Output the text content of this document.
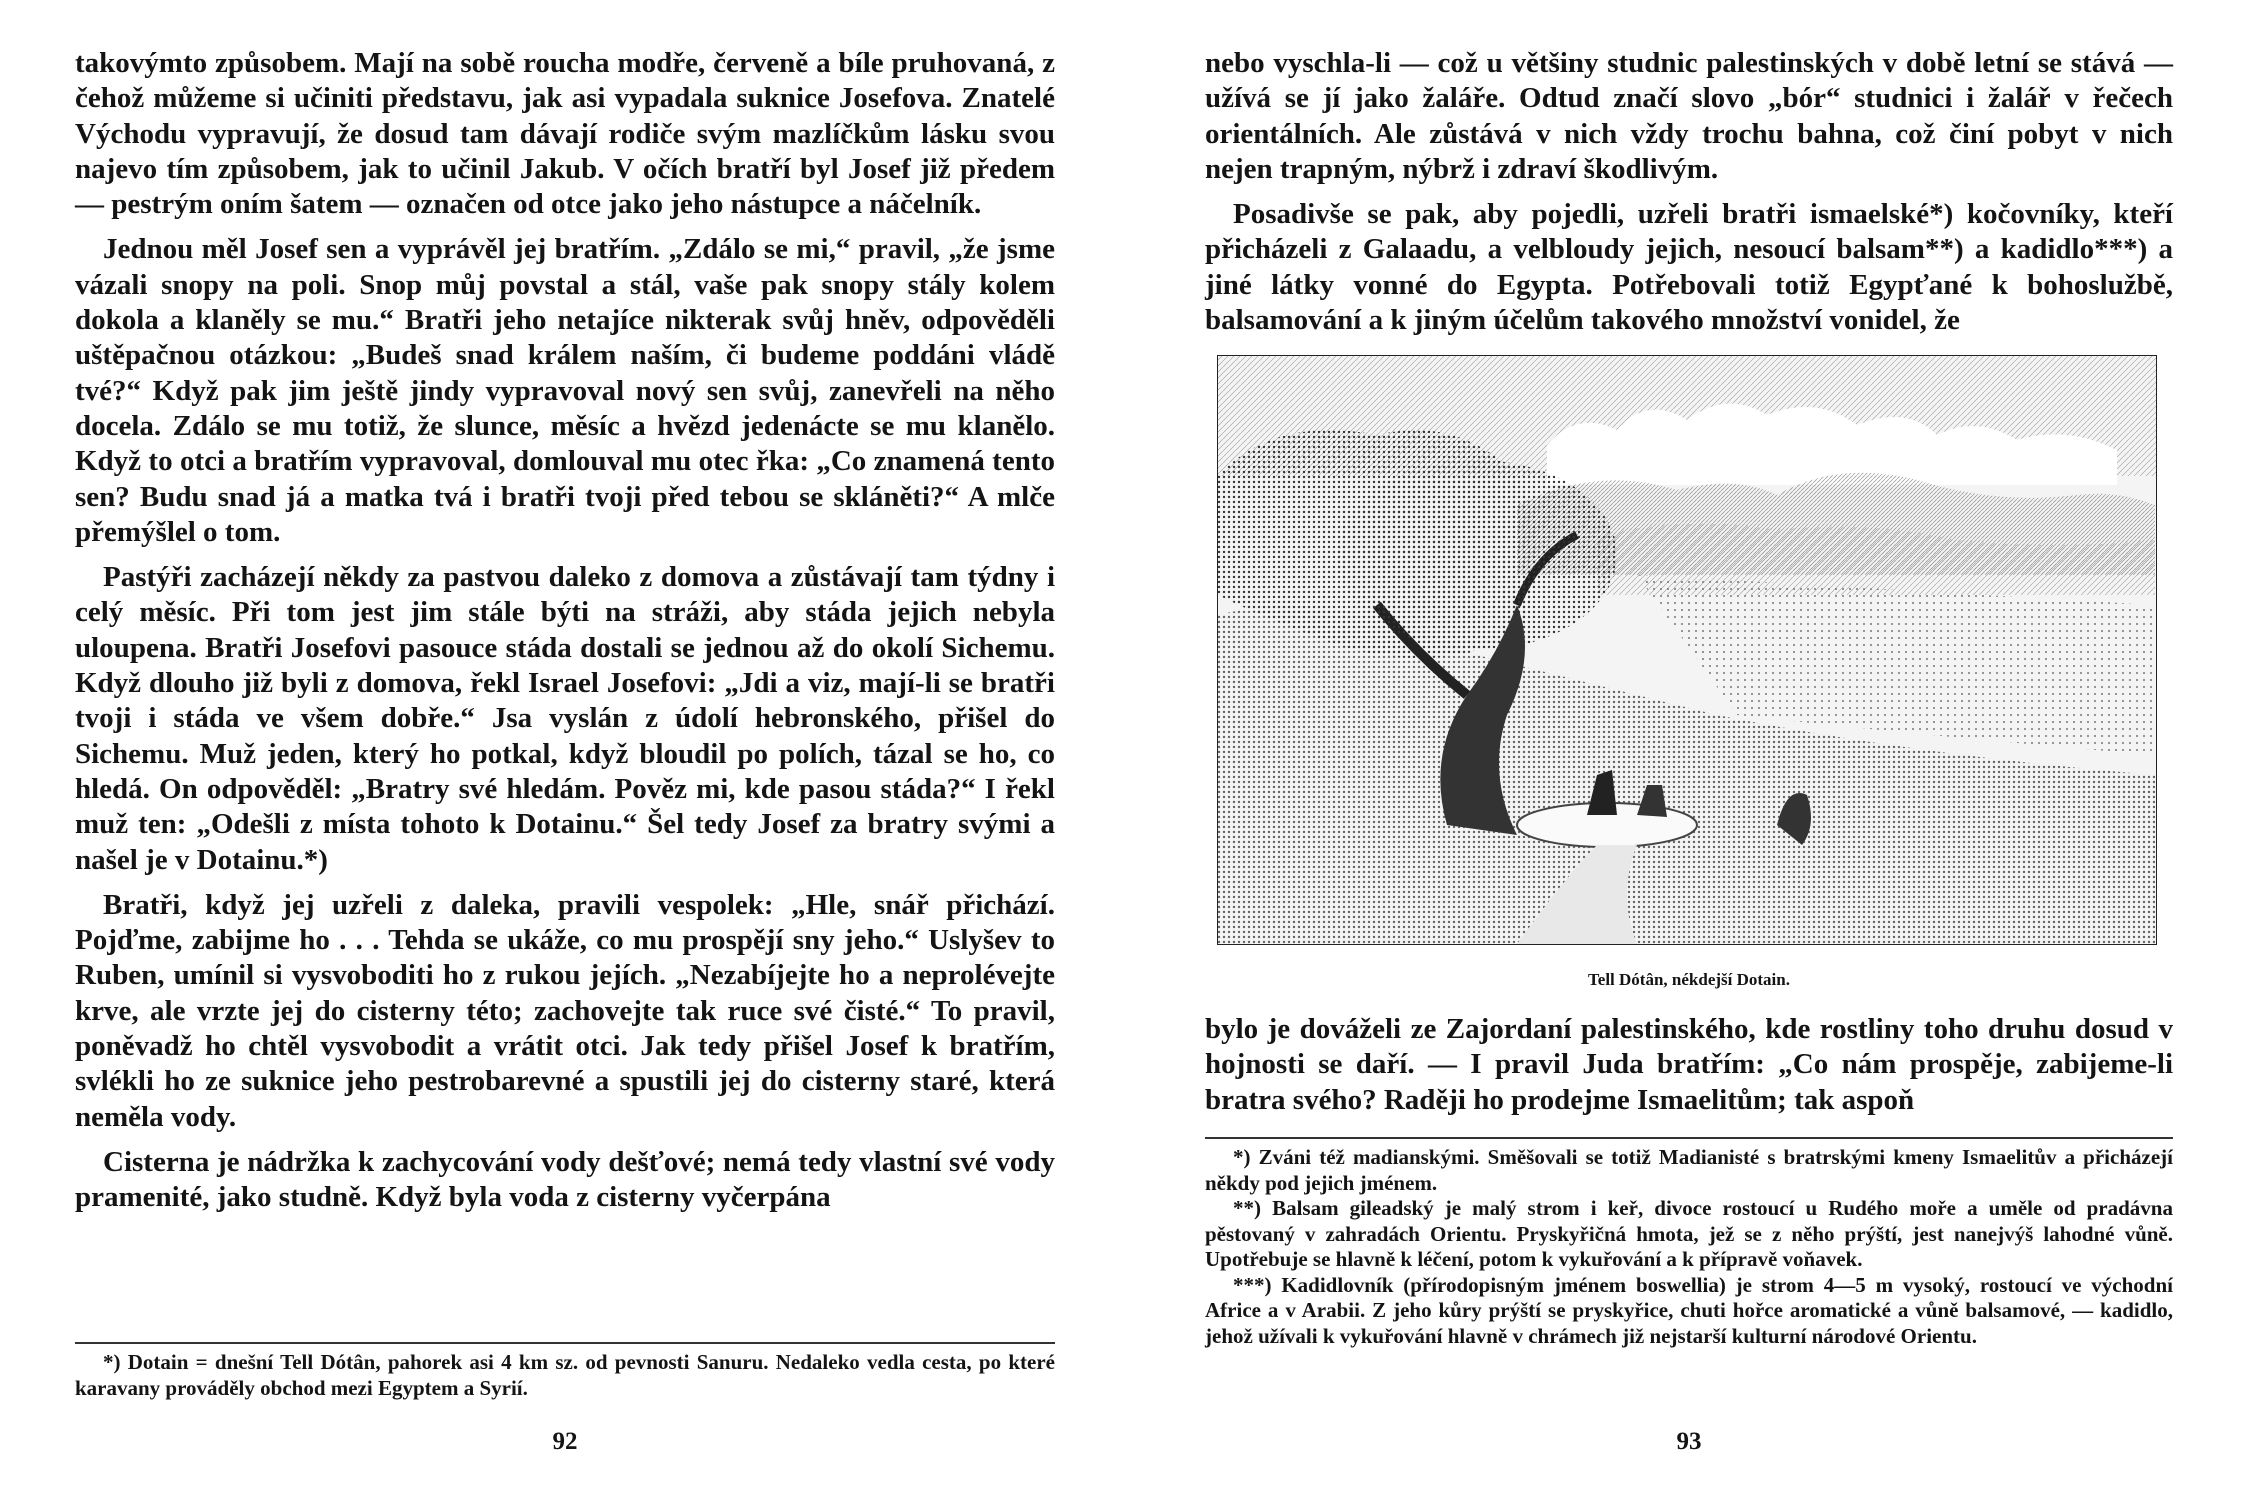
takovýmto způsobem. Mají na sobě roucha modře, červeně a bíle pruhovaná, z čehož můžeme si učiniti představu, jak asi vypadala suknice Josefova. Znatelé Východu vypravují, že dosud tam dávají rodiče svým mazlíčkům lásku svou najevo tím způsobem, jak to učinil Jakub. V očích bratří byl Josef již předem — pestrým oním šatem — označen od otce jako jeho nástupce a náčelník.

Jednou měl Josef sen a vyprávěl jej bratřím. „Zdálo se mi,“ pravil, „že jsme vázali snopy na poli. Snop můj povstal a stál, vaše pak snopy stály kolem dokola a klaněly se mu.“ Bratři jeho netajíce nikterak svůj hněv, odpověděli uštěpačnou otázkou: „Budeš snad králem naším, či budeme poddáni vládě tvé?“ Když pak jim ještě jindy vypravoval nový sen svůj, zanevřeli na něho docela. Zdálo se mu totiž, že slunce, měsíc a hvězd jedenácte se mu klanělo. Když to otci a bratřím vypravoval, domlouval mu otec řka: „Co znamená tento sen? Budu snad já a matka tvá i bratři tvoji před tebou se skláněti?“ A mlče přemýšlel o tom.

Pastýři zacházejí někdy za pastvou daleko z domova a zůstávají tam týdny i celý měsíc. Při tom jest jim stále býti na stráži, aby stáda jejich nebyla uloupena. Bratři Josefovi pasouce stáda dostali se jednou až do okolí Sichemu. Když dlouho již byli z domova, řekl Israel Josefovi: „Jdi a viz, mají-li se bratři tvoji i stáda ve všem dobře.“ Jsa vyslán z údolí hebronského, přišel do Sichemu. Muž jeden, který ho potkal, když bloudil po polích, tázal se ho, co hledá. On odpověděl: „Bratry své hledám. Pověz mi, kde pasou stáda?“ I řekl muž ten: „Odešli z místa tohoto k Dotainu.“ Šel tedy Josef za bratry svými a našel je v Dotainu.*)

Bratři, když jej uzřeli z daleka, pravili vespolek: „Hle, snář přichází. Pojďme, zabijme ho . . . Tehda se ukáže, co mu prospějí sny jeho.“ Uslyšev to Ruben, umínil si vysvoboditi ho z rukou jejích. „Nezabíjejte ho a neprolévejte krve, ale vrzte jej do cisterny této; zachovejte tak ruce své čisté.“ To pravil, poněvadž ho chtěl vysvobodit a vrátit otci. Jak tedy přišel Josef k bratřím, svlékli ho ze suknice jeho pestrobarevné a spustili jej do cisterny staré, která neměla vody.

Cisterna je nádržka k zachycování vody dešťové; nemá tedy vlastní své vody pramenité, jako studně. Když byla voda z cisterny vyčerpána

*) Dotain = dnešní Tell Dótân, pahorek asi 4 km sz. od pevnosti Sanuru. Nedaleko vedla cesta, po které karavany prováděly obchod mezi Egyptem a Syrií.

92

nebo vyschla-li — což u většiny studnic palestinských v době letní se stává — užívá se jí jako žaláře. Odtud značí slovo „bór“ studnici i žalář v řečech orientálních. Ale zůstává v nich vždy trochu bahna, což činí pobyt v nich nejen trapným, nýbrž i zdraví škodlivým.

Posadivše se pak, aby pojedli, uzřeli bratři ismaelské*) kočovníky, kteří přicházeli z Galaadu, a velbloudy jejich, nesoucí balsam**) a kadidlo***) a jiné látky vonné do Egypta. Potřebovali totiž Egypťané k bohoslužbě, balsamování a k jiným účelům takového množství vonidel, že

Tell Dótân, nékdejší Dotain.

bylo je dováželi ze Zajordaní palestinského, kde rostliny toho druhu dosud v hojnosti se daří. — I pravil Juda bratřím: „Co nám prospěje, zabijeme-li bratra svého? Raději ho prodejme Ismaelitům; tak aspoň

*) Zváni též madianskými. Směšovali se totiž Madianisté s bratrskými kmeny Ismaelitův a přicházejí někdy pod jejich jménem.

**) Balsam gileadský je malý strom i keř, divoce rostoucí u Rudého moře a uměle od pradávna pěstovaný v zahradách Orientu. Pryskyřičná hmota, jež se z něho prýští, jest nanejvýš lahodné vůně. Upotřebuje se hlavně k léčení, potom k vykuřování a k přípravě voňavek.

***) Kadidlovník (přírodopisným jménem boswellia) je strom 4—5 m vysoký, rostoucí ve východní Africe a v Arabii. Z jeho kůry prýští se pryskyřice, chuti hořce aromatické a vůně balsamové, — kadidlo, jehož užívali k vykuřování hlavně v chrámech již nejstarší kulturní národové Orientu.

93
